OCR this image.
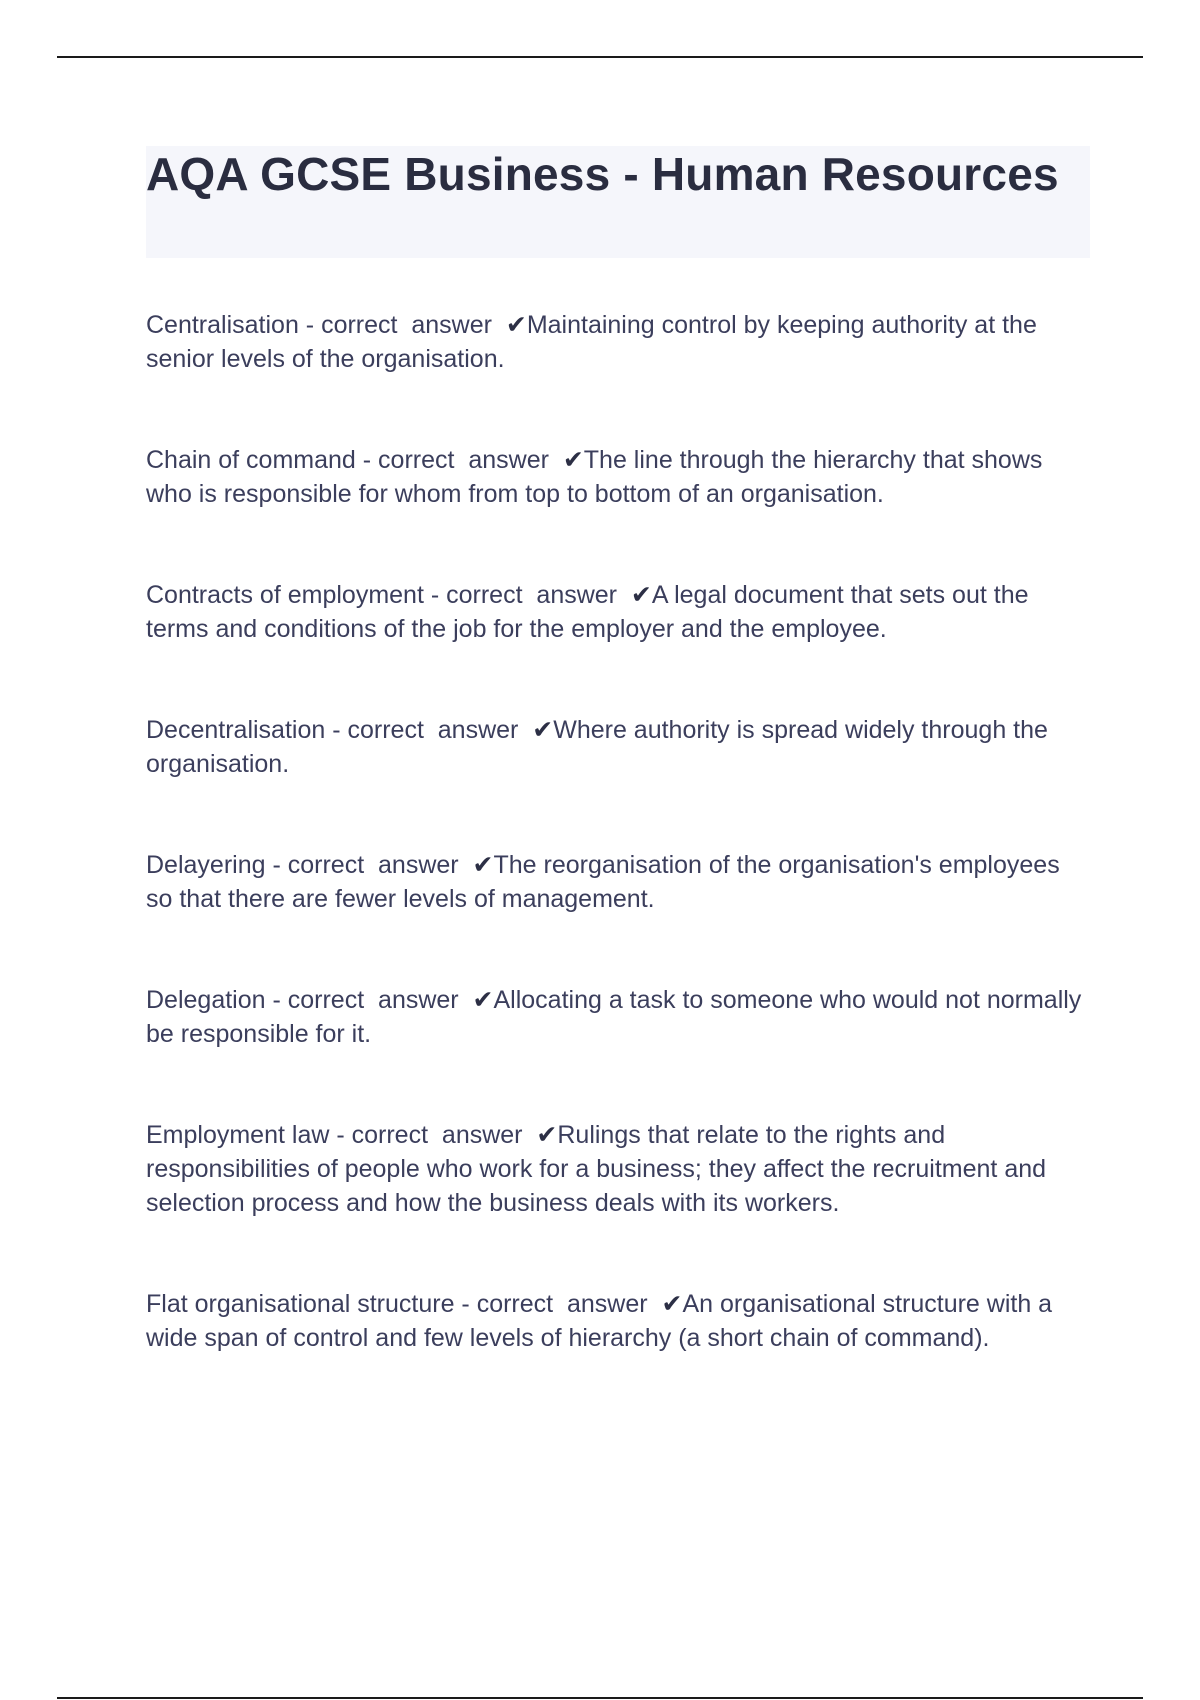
AQA GCSE Business - Human Resources

Centralisation - correct  answer  ✔Maintaining control by keeping authority at the senior levels of the organisation.

Chain of command - correct  answer  ✔The line through the hierarchy that shows who is responsible for whom from top to bottom of an organisation.

Contracts of employment - correct  answer  ✔A legal document that sets out the terms and conditions of the job for the employer and the employee.

Decentralisation - correct  answer  ✔Where authority is spread widely through the organisation.

Delayering - correct  answer  ✔The reorganisation of the organisation's employees so that there are fewer levels of management.

Delegation - correct  answer  ✔Allocating a task to someone who would not normally be responsible for it.

Employment law - correct  answer  ✔Rulings that relate to the rights and responsibilities of people who work for a business; they affect the recruitment and selection process and how the business deals with its workers.

Flat organisational structure - correct  answer  ✔An organisational structure with a wide span of control and few levels of hierarchy (a short chain of command).
